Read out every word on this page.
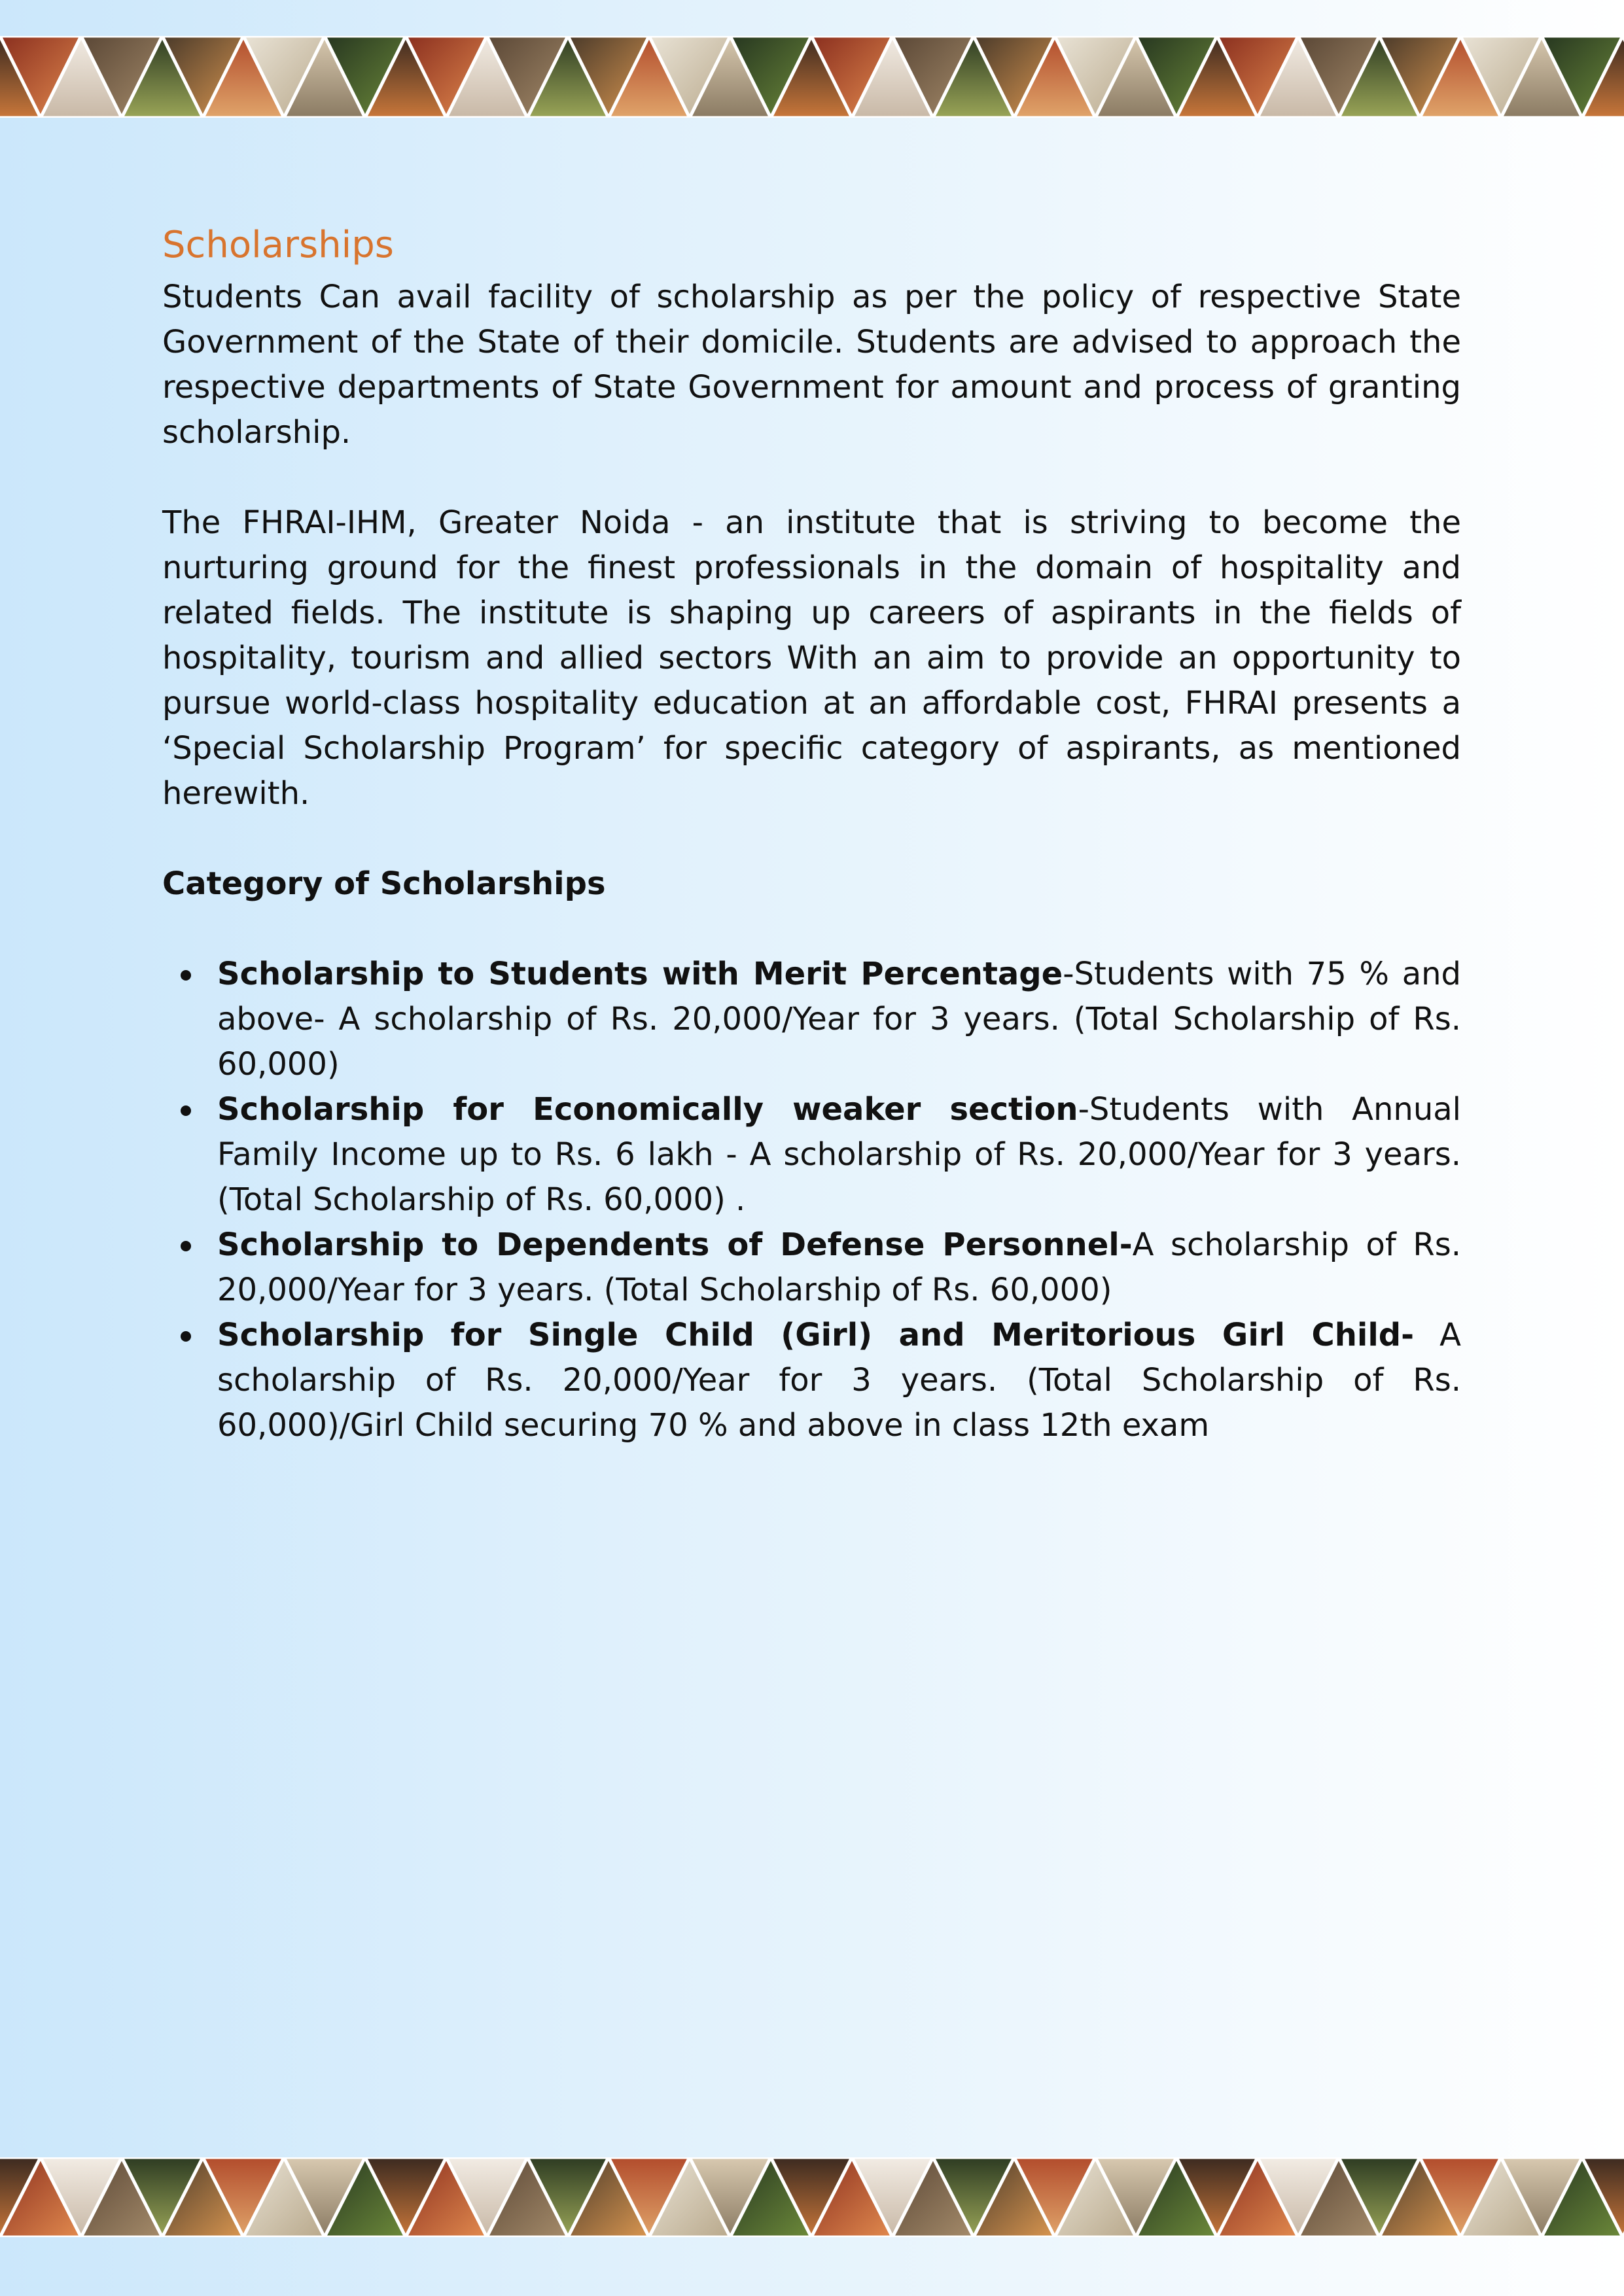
Scholarships

Students Can avail facility of scholarship as per the policy of respective State Government of the State of their domicile. Students are advised to approach the respective departments of State Government for amount and process of granting scholarship.

The FHRAI-IHM, Greater Noida - an institute that is striving to become the nurturing ground for the finest professionals in the domain of hospitality and related fields. The institute is shaping up careers of aspirants in the fields of hospitality, tourism and allied sectors With an aim to provide an opportunity to pursue world-class hospitality education at an affordable cost, FHRAI presents a ‘Special Scholarship Program’ for specific category of aspirants, as mentioned herewith.

Category of Scholarships

Scholarship to Students with Merit Percentage-Students with 75 % and above- A scholarship of Rs. 20,000/Year for 3 years. (Total Scholarship of Rs. 60,000)
Scholarship for Economically weaker section-Students with Annual Family Income up to Rs. 6 lakh - A scholarship of Rs. 20,000/Year for 3 years. (Total Scholarship of Rs. 60,000) .
Scholarship to Dependents of Defense Personnel-A scholarship of Rs. 20,000/Year for 3 years. (Total Scholarship of Rs. 60,000)
Scholarship for Single Child (Girl) and Meritorious Girl Child- A scholarship of Rs. 20,000/Year for 3 years. (Total Scholarship of Rs. 60,000)/Girl Child securing 70 % and above in class 12th exam
